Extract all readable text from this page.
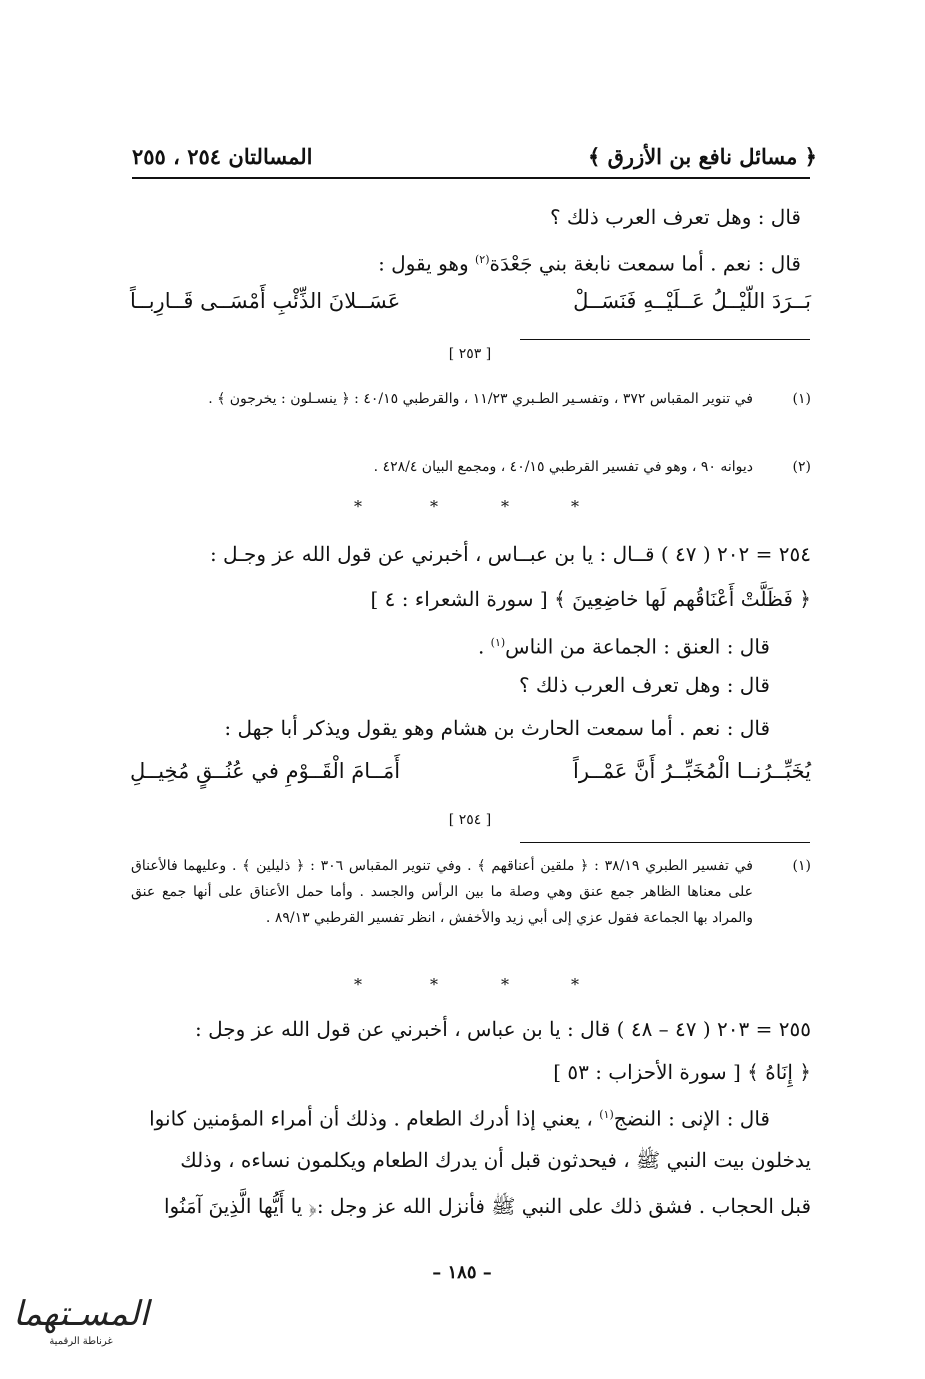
﴿ مسائل نافع بن الأزرق ﴾
المسالتان ٢٥٤ ، ٢٥٥
قال : وهل تعرف العرب ذلك ؟
قال : نعم . أما سمعت نابغة بني جَعْدَة$^{(٢)}$ وهو يقول :
بَــرَدَ اللّيْــلُ عَــلَيْــهِ فَنَسَــلْ
عَسَــلانَ الذِّئْبِ أَمْسَــى قَــارِبــاً
[ ٢٥٣ ]
(١)
في تنوير المقباس ٣٧٢ ، وتفسـير الطـبري ١١/٢٣ ، والقرطبي ٤٠/١٥ : ﴿ ينسـلون : يخرجون ﴾ .
(٢)
ديوانه ٩٠ ، وهو في تفسير القرطبي ٤٠/١٥ ، ومجمع البيان ٤٢٨/٤ .
*	*	*	*
٢٥٤ = ٢٠٢ ( ٤٧ ) قــال : يا بن عبــاس ، أخبرني عن قول الله عز وجـل :
﴿ فَظَلَّتْ أَعْنَاقُهم لَها خاضِعِينَ ﴾ [ سورة الشعراء : ٤ ]
قال : العنق : الجماعة من الناس$^{(١)}$ .
قال : وهل تعرف العرب ذلك ؟
قال : نعم . أما سمعت الحارث بن هشام وهو يقول ويذكر أبا جهل :
يُخَبِّــرُنــا الْمُخَبِّــرُ أَنَّ عَمْــراً
أَمَــامَ الْقَــوْمِ في عُنُــقٍ مُخِيــلِ
[ ٢٥٤ ]
(١)
في تفسير الطبري ٣٨/١٩ : ﴿ ملقين أعناقهم ﴾ . وفي تنوير المقباس ٣٠٦ : ﴿ ذليلين ﴾ . وعليهما فالأعناق على معناها الظاهر جمع عنق وهي وصلة ما بين الرأس والجسد . وأما حمل الأعناق على أنها جمع عنق والمراد بها الجماعة فقول عزي إلى أبي زيد والأخفش ، انظر تفسير القرطبي ٨٩/١٣ .
*	*	*	*
٢٥٥ = ٢٠٣ ( ٤٧ – ٤٨ ) قال : يا بن عباس ، أخبرني عن قول الله عز وجل :
﴿ إِنَاهُ ﴾ [ سورة الأحزاب : ٥٣ ]
قال : الإنى : النضج$^{(١)}$ ، يعني إذا أدرك الطعام . وذلك أن أمراء المؤمنين كانوا
يدخلون بيت النبي ﷺ ، فيحدثون قبل أن يدرك الطعام ويكلمون نساءه ، وذلك
قبل الحجاب . فشق ذلك على النبي ﷺ فأنزل الله عز وجل :﴿ يا أَيُّها الَّذِينَ آمَنُوا
– ١٨٥ –
المسـتهما
غرناطة الرقمية
